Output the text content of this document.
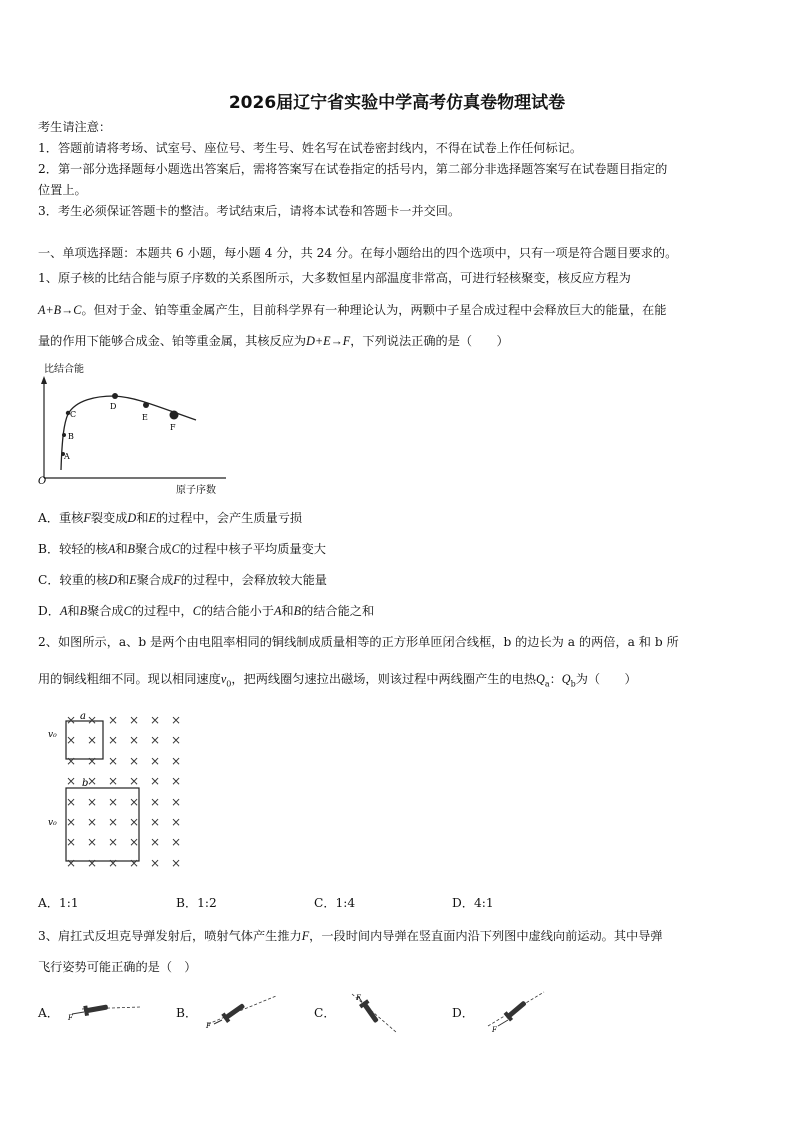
2026届辽宁省实验中学高考仿真卷物理试卷
考生请注意：
1．答题前请将考场、试室号、座位号、考生号、姓名写在试卷密封线内，不得在试卷上作任何标记。
2．第一部分选择题每小题选出答案后，需将答案写在试卷指定的括号内，第二部分非选择题答案写在试卷题目指定的
位置上。
3．考生必须保证答题卡的整洁。考试结束后，请将本试卷和答题卡一并交回。
一、单项选择题：本题共 6 小题，每小题 4 分，共 24 分。在每小题给出的四个选项中，只有一项是符合题目要求的。
1、原子核的比结合能与原子序数的关系图所示，大多数恒星内部温度非常高，可进行轻核聚变，核反应方程为
A+B→C。但对于金、铂等重金属产生，目前科学界有一种理论认为，两颗中子星合成过程中会释放巨大的能量，在能
量的作用下能够合成金、铂等重金属，其核反应为D+E→F，下列说法正确的是（　　）
比结合能
O
原子序数
A
B
C
D
E
F
A．重核F裂变成D和E的过程中，会产生质量亏损
B．较轻的核A和B聚合成C的过程中核子平均质量变大
C．较重的核D和E聚合成F的过程中，会释放较大能量
D．A和B聚合成C的过程中，C的结合能小于A和B的结合能之和
2、如图所示，a、b 是两个由电阻率相同的铜线制成质量相等的正方形单匝闭合线框，b 的边长为 a 的两倍，a 和 b 所
用的铜线粗细不同。现以相同速度$v_0$，把两线圈匀速拉出磁场，则该过程中两线圈产生的电热$Q_a$：$Q_b$为（　　）
a
b
v₀
v₀
× × × × × ×
× × × × × ×
× × × × × ×
× × × × × ×
× × × × × ×
× × × × × ×
× × × × × ×
× × × × × ×
A．1:1	B．1:2	C．1:4	D．4:1
3、肩扛式反坦克导弹发射后，喷射气体产生推力F，一段时间内导弹在竖直面内沿下列图中虚线向前运动。其中导弹
飞行姿势可能正确的是（　）
A． F	B．
F
C．
F
D．
F
